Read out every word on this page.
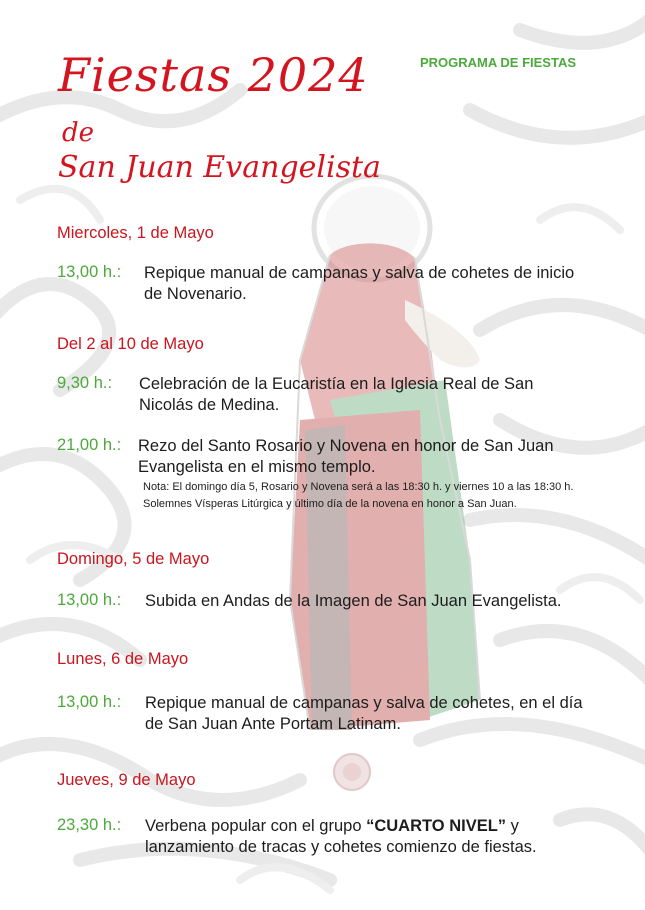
Fiestas 2024
de
San Juan Evangelista
PROGRAMA DE FIESTAS
Miercoles, 1 de Mayo
13,00 h.: Repique manual de campanas y salva de cohetes de inicio de Novenario.
Del 2 al 10 de Mayo
9,30 h.: Celebración de la Eucaristía en la Iglesia Real de San Nicolás de Medina.
21,00 h.: Rezo del Santo Rosario y Novena en honor de San Juan Evangelista en el mismo templo.
Nota: El domingo día 5, Rosario y Novena será a las 18:30 h. y viernes 10 a las 18:30 h. Solemnes Vísperas Litúrgica y último día de la novena en honor a San Juan.
Domingo, 5 de Mayo
13,00 h.: Subida en Andas de la Imagen de San Juan Evangelista.
Lunes, 6 de Mayo
13,00 h.: Repique manual de campanas y salva de cohetes, en el día de San Juan Ante Portam Latinam.
Jueves, 9 de Mayo
23,30 h.: Verbena popular con el grupo “CUARTO NIVEL” y lanzamiento de tracas y cohetes comienzo de fiestas.
